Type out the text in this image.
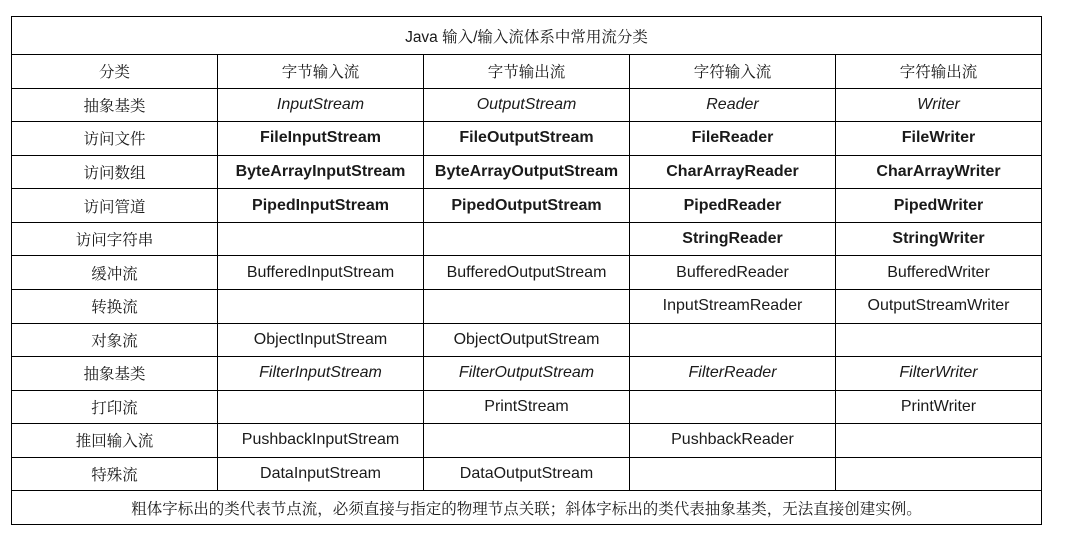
Java 输入/输入流体系中常用流分类				
分类	字节输入流	字节输出流	字符输入流	字符输出流
抽象基类	InputStream	OutputStream	Reader	Writer
访问文件	FileInputStream	FileOutputStream	FileReader	FileWriter
访问数组	ByteArrayInputStream	ByteArrayOutputStream	CharArrayReader	CharArrayWriter
访问管道	PipedInputStream	PipedOutputStream	PipedReader	PipedWriter
访问字符串			StringReader	StringWriter
缓冲流	BufferedInputStream	BufferedOutputStream	BufferedReader	BufferedWriter
转换流			InputStreamReader	OutputStreamWriter
对象流	ObjectInputStream	ObjectOutputStream		
抽象基类	FilterInputStream	FilterOutputStream	FilterReader	FilterWriter
打印流		PrintStream		PrintWriter
推回输入流	PushbackInputStream		PushbackReader	
特殊流	DataInputStream	DataOutputStream		
粗体字标出的类代表节点流，必须直接与指定的物理节点关联；斜体字标出的类代表抽象基类，无法直接创建实例。				
